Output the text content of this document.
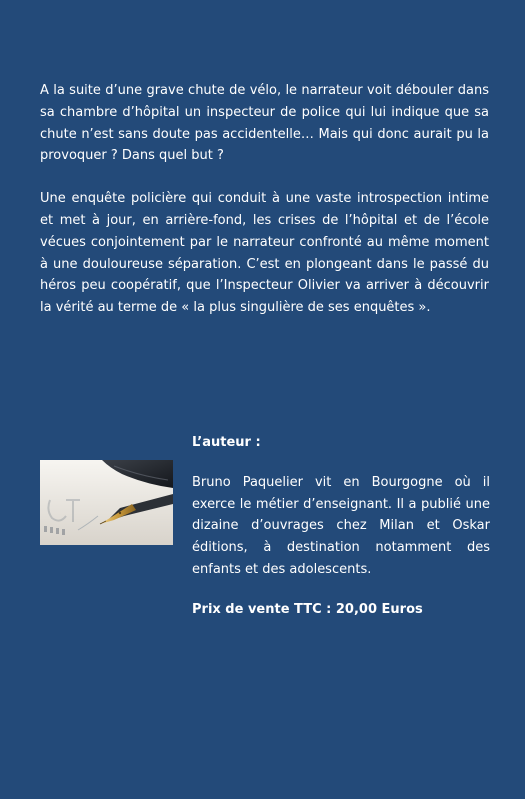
A la suite d’une grave chute de vélo, le narrateur voit débouler dans sa chambre d’hôpital un inspecteur de police qui lui indique que sa chute n’est sans doute pas accidentelle… Mais qui donc aurait pu la provoquer ? Dans quel but ?

Une enquête policière qui conduit à une vaste introspection intime et met à jour, en arrière-fond, les crises de l’hôpital et de l’école vécues conjointement par le narrateur confronté au même moment à une douloureuse séparation. C’est en plongeant dans le passé du héros peu coopératif, que l’Inspecteur Olivier va arriver à découvrir la vérité au terme de « la plus singulière de ses enquêtes ».

L’auteur :

Bruno Paquelier vit en Bourgogne où il exerce le métier d’enseignant. Il a publié une dizaine d’ouvrages chez Milan et Oskar éditions, à destination notamment des enfants et des adolescents.

Prix de vente TTC : 20,00 Euros
